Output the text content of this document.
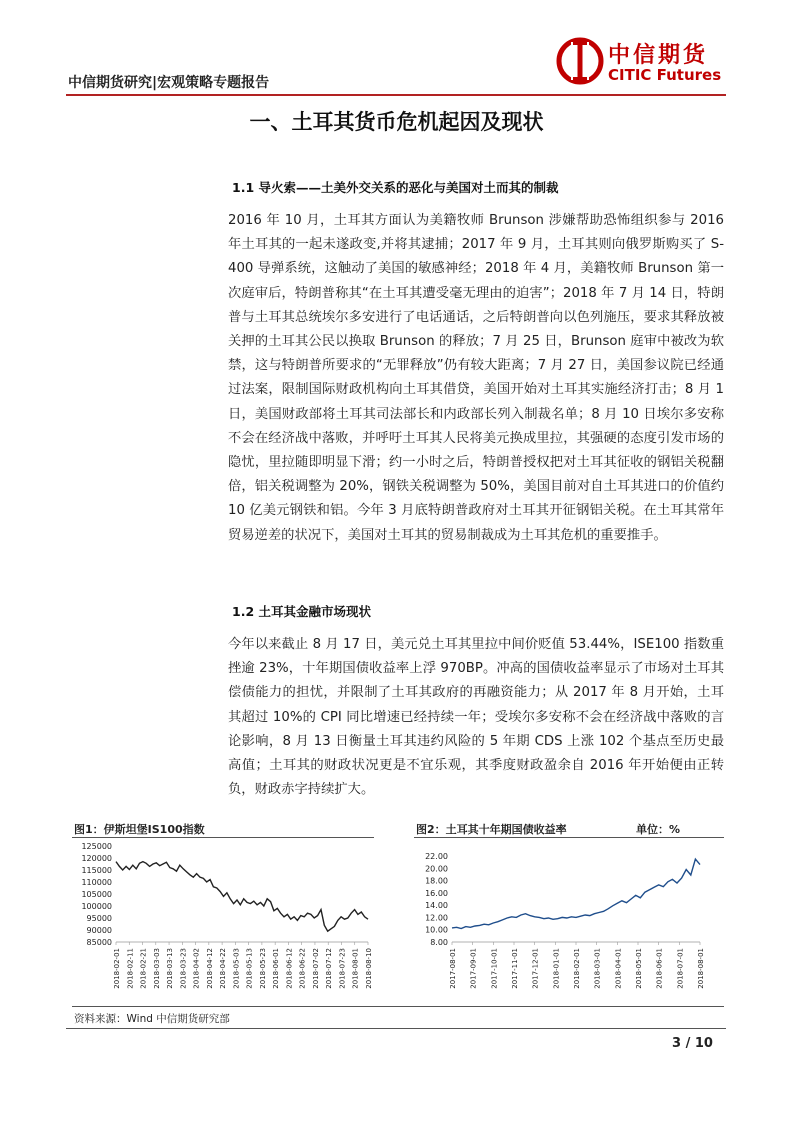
中信期货研究|宏观策略专题报告
中信期货
CITIC Futures
一、土耳其货币危机起因及现状
1.1 导火索——土美外交关系的恶化与美国对土而其的制裁

2016 年 10 月，土耳其方面认为美籍牧师 Brunson 涉嫌帮助恐怖组织参与 2016 年土耳其的一起未遂政变,并将其逮捕；2017 年 9 月，土耳其则向俄罗斯购买了 S-400 导弹系统，这触动了美国的敏感神经；2018 年 4 月，美籍牧师 Brunson 第一次庭审后，特朗普称其“在土耳其遭受毫无理由的迫害”；2018 年 7 月 14 日，特朗普与土耳其总统埃尔多安进行了电话通话，之后特朗普向以色列施压，要求其释放被关押的土耳其公民以换取 Brunson 的释放；7 月 25 日，Brunson 庭审中被改为软禁，这与特朗普所要求的“无罪释放”仍有较大距离；7 月 27 日，美国参议院已经通过法案，限制国际财政机构向土耳其借贷，美国开始对土耳其实施经济打击；8 月 1 日，美国财政部将土耳其司法部长和内政部长列入制裁名单；8 月 10 日埃尔多安称不会在经济战中落败，并呼吁土耳其人民将美元换成里拉，其强硬的态度引发市场的隐忧，里拉随即明显下滑；约一小时之后，特朗普授权把对土耳其征收的钢铝关税翻倍，铝关税调整为 20%，钢铁关税调整为 50%，美国目前对自土耳其进口的价值约 10 亿美元钢铁和铝。今年 3 月底特朗普政府对土耳其开征钢铝关税。在土耳其常年贸易逆差的状况下，美国对土耳其的贸易制裁成为土耳其危机的重要推手。

1.2 土耳其金融市场现状

今年以来截止 8 月 17 日，美元兑土耳其里拉中间价贬值 53.44%，ISE100 指数重挫逾 23%，十年期国债收益率上浮 970BP。冲高的国债收益率显示了市场对土耳其偿债能力的担忧，并限制了土耳其政府的再融资能力；从 2017 年 8 月开始，土耳其超过 10%的 CPI 同比增速已经持续一年；受埃尔多安称不会在经济战中落败的言论影响，8 月 13 日衡量土耳其违约风险的 5 年期 CDS 上涨 102 个基点至历史最高值；土耳其的财政状况更是不宜乐观，其季度财政盈余自 2016 年开始便由正转负，财政赤字持续扩大。

图1：伊斯坦堡IS100指数
125000
120000
115000
110000
105000
100000
95000
90000
85000
2018-02-01 2018-02-11 2018-02-21 2018-03-03 2018-03-13 2018-03-23 2018-04-02 2018-04-12 2018-04-22 2018-05-03 2018-05-13 2018-05-23 2018-06-01 2018-06-12 2018-06-22 2018-07-02 2018-07-12 2018-07-23 2018-08-01 2018-08-10
图2：土耳其十年期国债收益率	单位：%
22.00
20.00
18.00
16.00
14.00
12.00
10.00
8.00
2017-08-01 2017-09-01 2017-10-01 2017-11-01 2017-12-01 2018-01-01 2018-02-01 2018-03-01 2018-04-01 2018-05-01 2018-06-01 2018-07-01 2018-08-01
资料来源：Wind 中信期货研究部
3 / 10
